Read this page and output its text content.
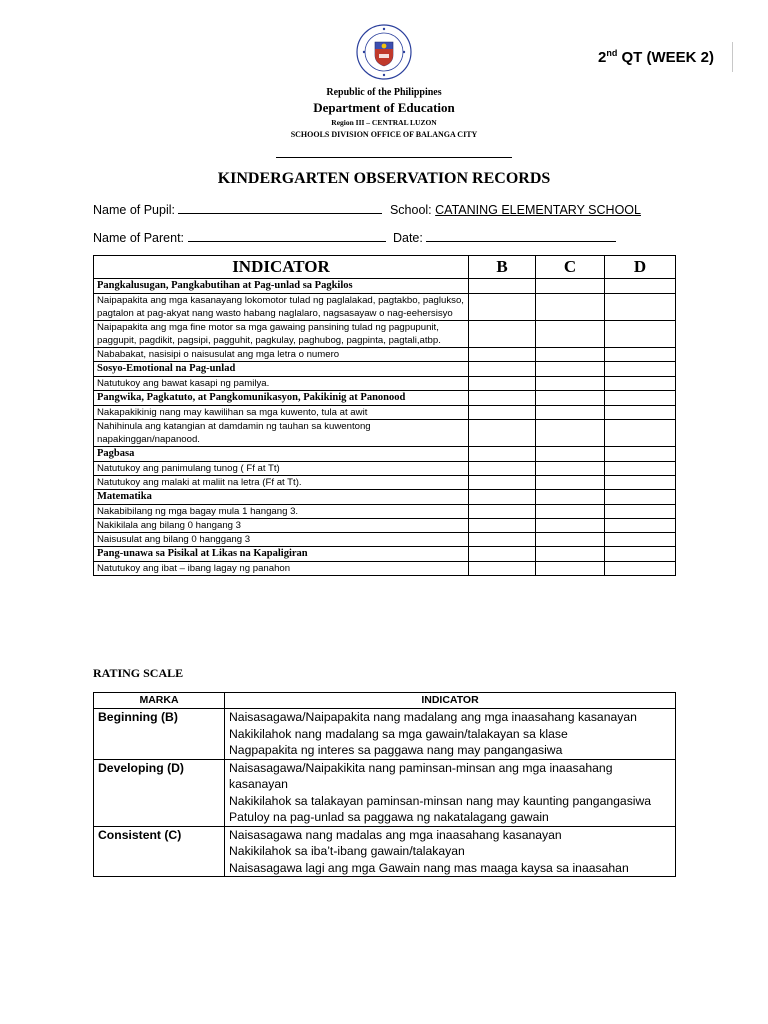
2nd QT (WEEK 2)
Republic of the Philippines
Department of Education
Region III – CENTRAL LUZON
SCHOOLS DIVISION OFFICE OF BALANGA CITY
KINDERGARTEN OBSERVATION RECORDS
Name of Pupil:	School: CATANING ELEMENTARY SCHOOL
Name of Parent:	Date:
INDICATOR	B	C	D
Pangkalusugan, Pangkabutihan at Pag-unlad sa Pagkilos			
Naipapakita ang mga kasanayang lokomotor tulad ng paglalakad, pagtakbo, paglukso, pagtalon at pag-akyat nang wasto habang naglalaro, nagsasayaw o nag-eehersisyo			
Naipapakita ang mga fine motor sa mga gawaing pansining tulad ng pagpupunit, paggupit, pagdikit, pagsipi, pagguhit, pagkulay, paghubog, pagpinta, pagtali,atbp.			
Nababakat, nasisipi o naisusulat ang mga letra o numero			
Sosyo-Emotional na Pag-unlad			
Natutukoy ang bawat kasapi ng pamilya.			
Pangwika, Pagkatuto, at Pangkomunikasyon, Pakikinig at Panonood			
Nakapakikinig nang may kawilihan sa mga kuwento, tula at awit			
Nahihinula ang katangian at damdamin ng tauhan sa kuwentong napakinggan/napanood.			
Pagbasa			
Natutukoy ang panimulang tunog ( Ff at Tt)			
Natutukoy ang malaki at maliit na letra (Ff at Tt).			
Matematika			
Nakabibilang ng mga bagay mula 1 hangang 3.			
Nakikilala ang bilang 0 hangang 3			
Naisusulat ang bilang 0 hanggang 3			
Pang-unawa sa Pisikal at Likas na Kapaligiran			
Natutukoy ang ibat – ibang lagay ng panahon			
RATING SCALE
MARKA	INDICATOR
Beginning (B)	Naisasagawa/Naipapakita nang madalang ang mga inaasahang kasanayan
Nakikilahok nang madalang sa mga gawain/talakayan sa klase
Nagpapakita ng interes sa paggawa nang may pangangasiwa

Developing (D)	Naisasagawa/Naipakikita nang paminsan-minsan ang mga inaasahang kasanayan
Nakikilahok sa talakayan paminsan-minsan nang may kaunting pangangasiwa
Patuloy na pag-unlad sa paggawa ng nakatalagang gawain

Consistent (C)	Naisasagawa nang madalas ang mga inaasahang kasanayan
Nakikilahok sa iba’t-ibang gawain/talakayan
Naisasagawa lagi ang mga Gawain nang mas maaga kaysa sa inaasahan
